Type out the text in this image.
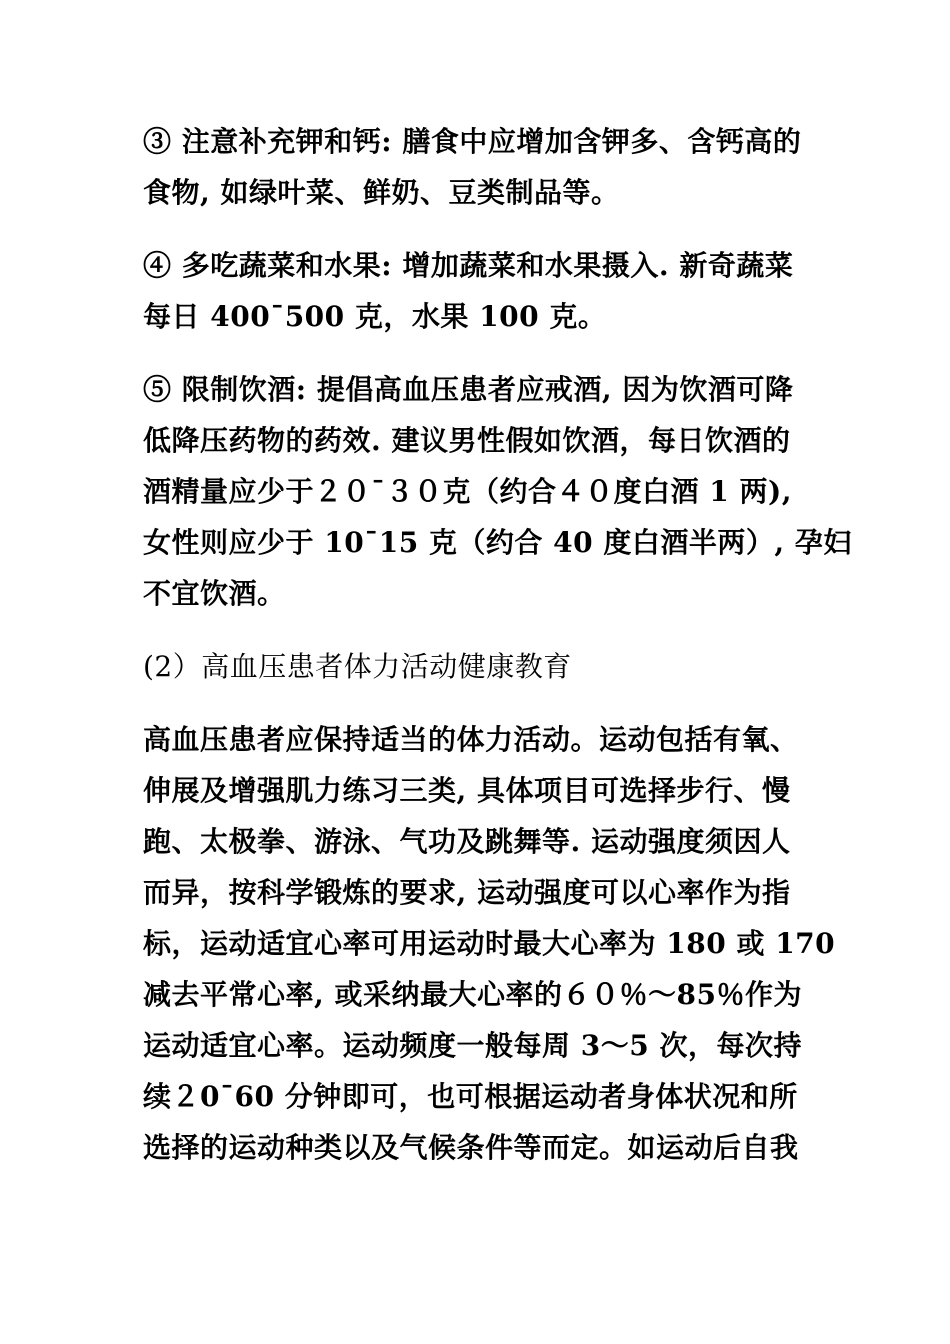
③ 注意补充钾和钙: 膳食中应增加含钾多、含钙高的
食物, 如绿叶菜、鲜奶、豆类制品等。
④ 多吃蔬菜和水果: 增加蔬菜和水果摄入. 新奇蔬菜
每日 400¯500 克，水果 100 克。
⑤ 限制饮酒: 提倡高血压患者应戒酒, 因为饮酒可降
低降压药物的药效. 建议男性假如饮酒，每日饮酒的
酒精量应少于２０¯３０克（约合４０度白酒 1 两),
女性则应少于 10¯15 克（约合 40 度白酒半两）, 孕妇
不宜饮酒。
(2）高血压患者体力活动健康教育
高血压患者应保持适当的体力活动。运动包括有氧、
伸展及增强肌力练习三类, 具体项目可选择步行、慢
跑、太极拳、游泳、气功及跳舞等. 运动强度须因人
而异，按科学锻炼的要求, 运动强度可以心率作为指
标，运动适宜心率可用运动时最大心率为 180 或 170
减去平常心率, 或采纳最大心率的６０％～85％作为
运动适宜心率。运动频度一般每周 3～5 次，每次持
续２0¯60 分钟即可，也可根据运动者身体状况和所
选择的运动种类以及气候条件等而定。如运动后自我
